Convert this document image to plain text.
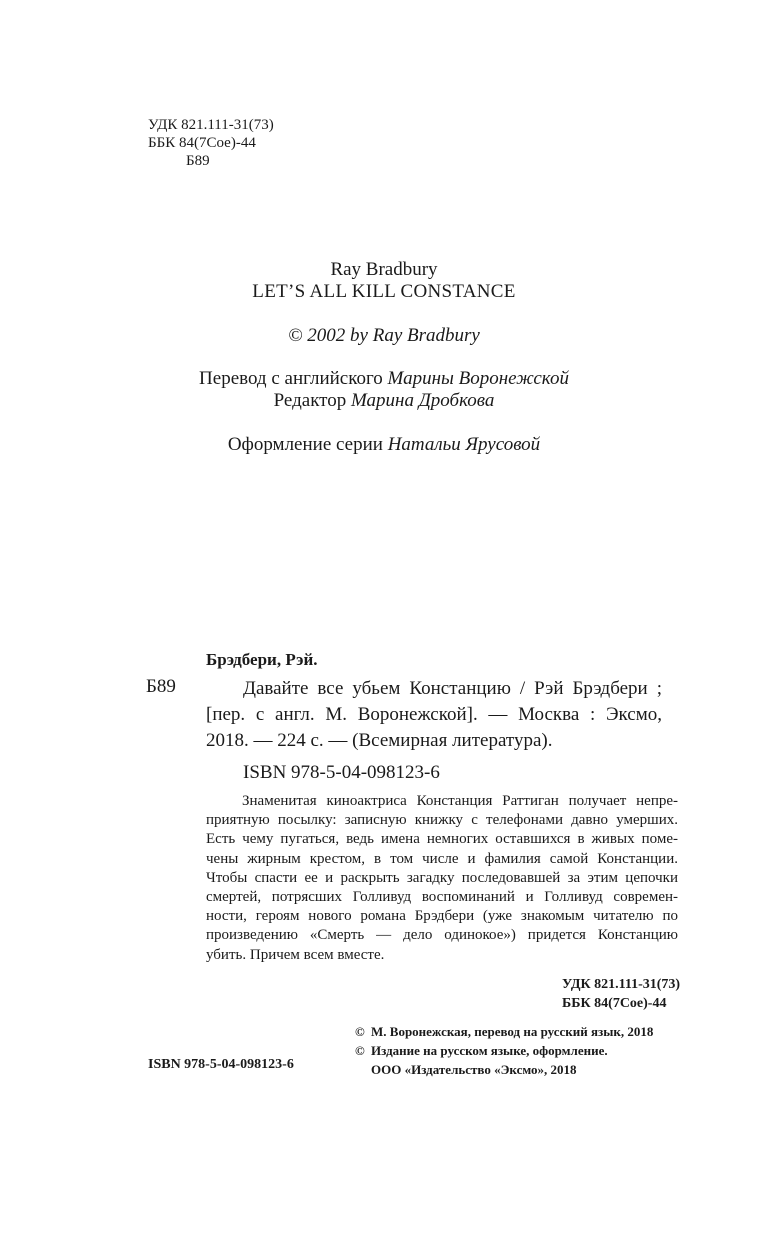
УДК 821.111-31(73)
ББК 84(7Сое)-44
Б89
Ray Bradbury
LET’S ALL KILL CONSTANCE
© 2002 by Ray Bradbury
Перевод с английского Марины Воронежской
Редактор Марина Дробкова
Оформление серии Натальи Ярусовой
Брэдбери, Рэй.
Б89	Давайте все убьем Констанцию / Рэй Брэдбери ;
[пер. с англ. М. Воронежской]. — Москва : Эксмо,
2018. — 224 с. — (Всемирная литература).
ISBN 978-5-04-098123-6
Знаменитая киноактриса Констанция Раттиган получает непре-
приятную посылку: записную книжку с телефонами давно умерших.
Есть чему пугаться, ведь имена немногих оставшихся в живых поме-
чены жирным крестом, в том числе и фамилия самой Констанции.
Чтобы спасти ее и раскрыть загадку последовавшей за этим цепочки
смертей, потрясших Голливуд воспоминаний и Голливуд современ-
ности, героям нового романа Брэдбери (уже знакомым читателю по
произведению «Смерть — дело одинокое») придется Констанцию
убить. Причем всем вместе.
УДК 821.111-31(73)
ББК 84(7Сое)-44
© М. Воронежская, перевод на русский язык, 2018
© Издание на русском языке, оформление.
ООО «Издательство «Эксмо», 2018
ISBN 978-5-04-098123-6
